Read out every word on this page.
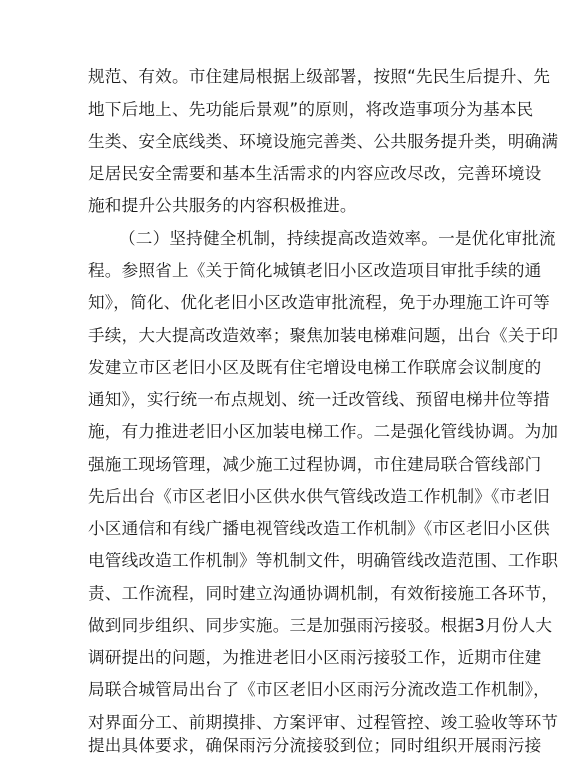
规范、有效。市住建局根据上级部署，按照“先民生后提升、先
地下后地上、先功能后景观”的原则，将改造事项分为基本民
生类、安全底线类、环境设施完善类、公共服务提升类，明确满
足居民安全需要和基本生活需求的内容应改尽改，完善环境设
施和提升公共服务的内容积极推进。
（二）坚持健全机制，持续提高改造效率。一是优化审批流
程。参照省上《关于简化城镇老旧小区改造项目审批手续的通
知》，简化、优化老旧小区改造审批流程，免于办理施工许可等
手续，大大提高改造效率；聚焦加装电梯难问题，出台《关于印
发建立市区老旧小区及既有住宅增设电梯工作联席会议制度的
通知》，实行统一布点规划、统一迁改管线、预留电梯井位等措
施，有力推进老旧小区加装电梯工作。二是强化管线协调。为加
强施工现场管理，减少施工过程协调，市住建局联合管线部门
先后出台《市区老旧小区供水供气管线改造工作机制》《市老旧
小区通信和有线广播电视管线改造工作机制》《市区老旧小区供
电管线改造工作机制》等机制文件，明确管线改造范围、工作职
责、工作流程，同时建立沟通协调机制，有效衔接施工各环节，
做到同步组织、同步实施。三是加强雨污接驳。根据3月份人大
调研提出的问题，为推进老旧小区雨污接驳工作，近期市住建
局联合城管局出台了《市区老旧小区雨污分流改造工作机制》，
对界面分工、前期摸排、方案评审、过程管控、竣工验收等环节
提出具体要求，确保雨污分流接驳到位；同时组织开展雨污接
